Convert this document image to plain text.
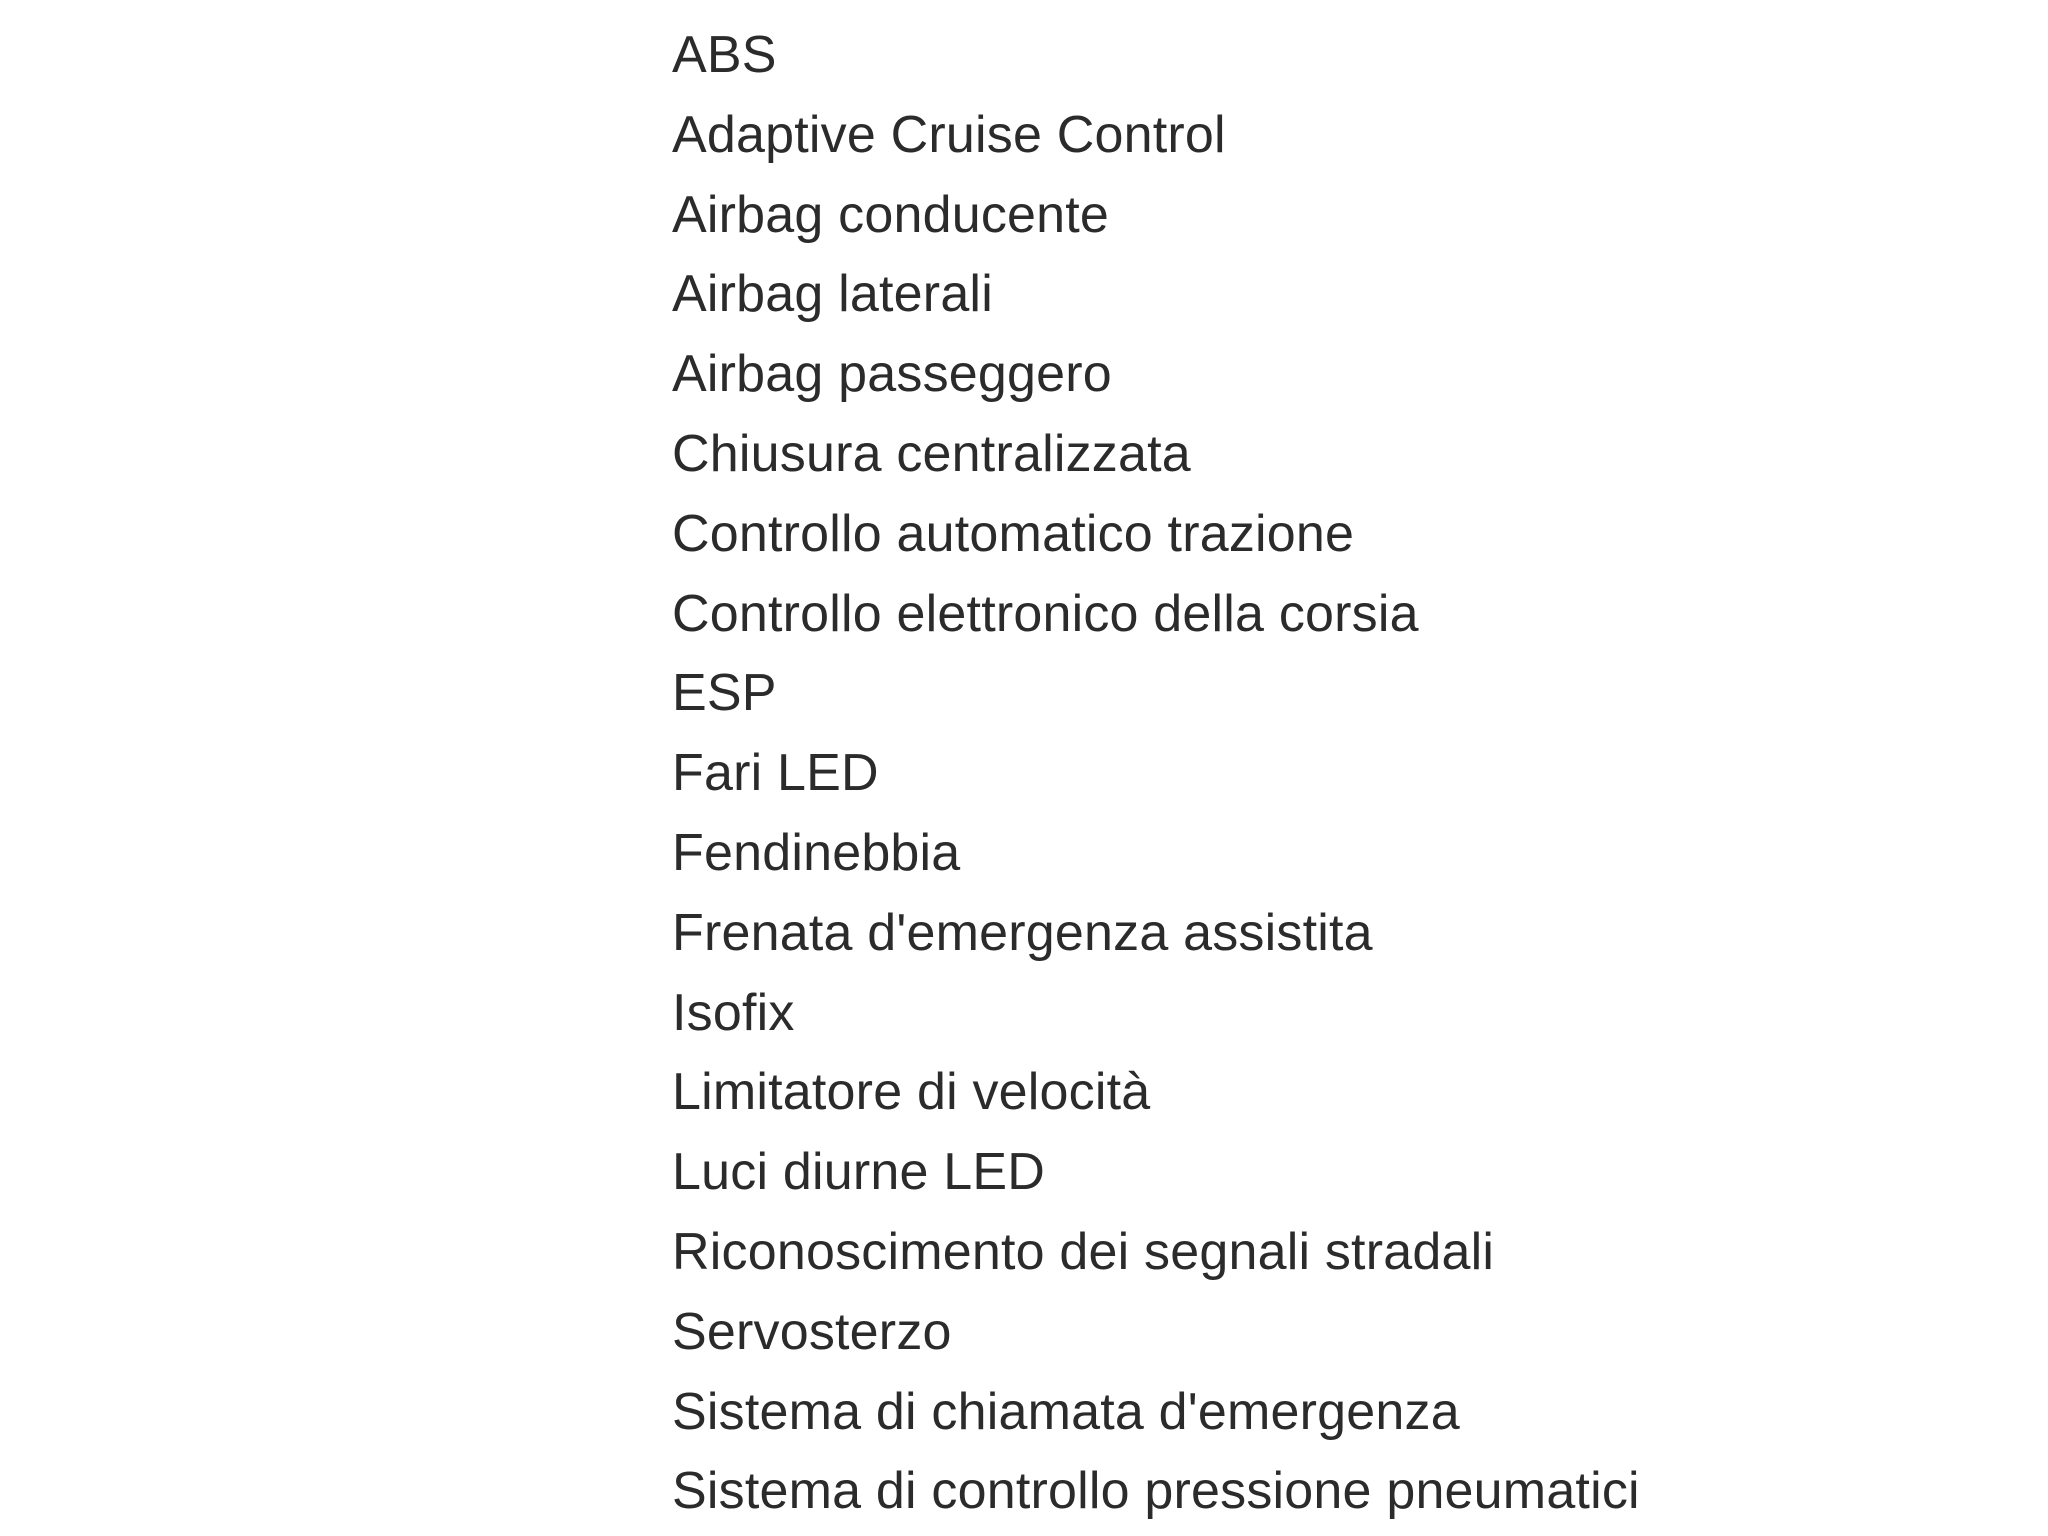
ABS
Adaptive Cruise Control
Airbag conducente
Airbag laterali
Airbag passeggero
Chiusura centralizzata
Controllo automatico trazione
Controllo elettronico della corsia
ESP
Fari LED
Fendinebbia
Frenata d'emergenza assistita
Isofix
Limitatore di velocità
Luci diurne LED
Riconoscimento dei segnali stradali
Servosterzo
Sistema di chiamata d'emergenza
Sistema di controllo pressione pneumatici
